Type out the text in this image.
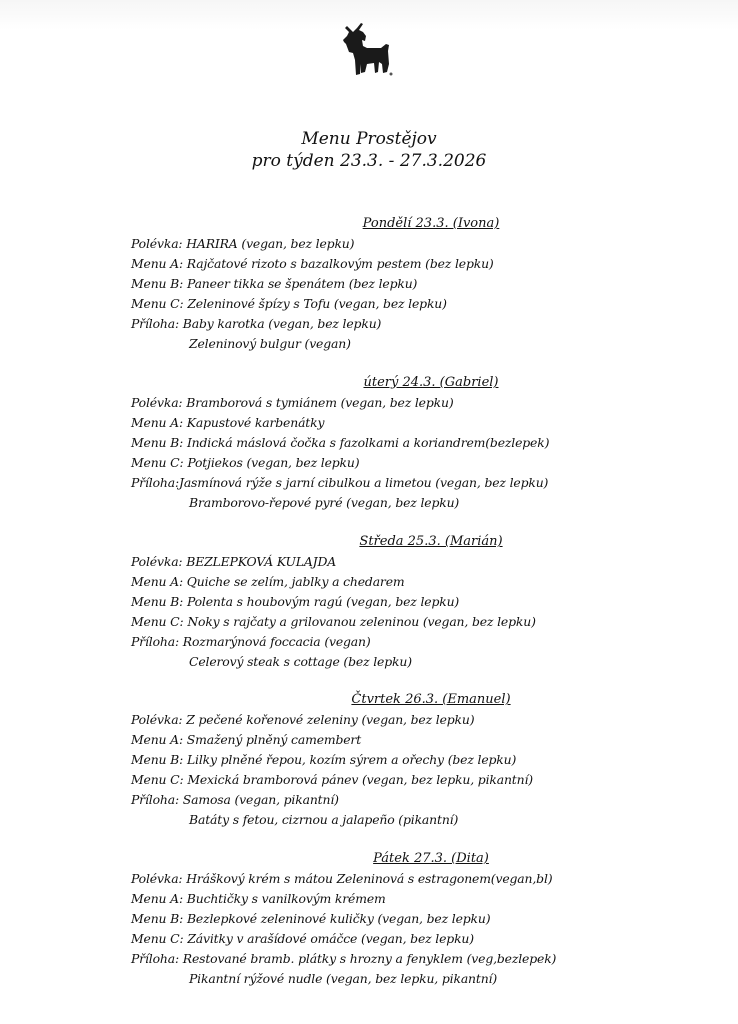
Menu Prostějov
pro týden 23.3. - 27.3.2026
Pondělí 23.3. (Ivona)
Polévka: HARIRA (vegan, bez lepku)
Menu A: Rajčatové rizoto s bazalkovým pestem (bez lepku)
Menu B: Paneer tikka se špenátem (bez lepku)
Menu C: Zeleninové špízy s Tofu (vegan, bez lepku)
Příloha: Baby karotka (vegan, bez lepku)
Zeleninový bulgur (vegan)
úterý 24.3. (Gabriel)
Polévka: Bramborová s tymiánem (vegan, bez lepku)
Menu A: Kapustové karbenátky
Menu B: Indická máslová čočka s fazolkami a koriandrem(bezlepek)
Menu C: Potjiekos (vegan, bez lepku)
Příloha:Jasmínová rýže s jarní cibulkou a limetou (vegan, bez lepku)
Bramborovo-řepové pyré (vegan, bez lepku)
Středa 25.3. (Marián)
Polévka: BEZLEPKOVÁ KULAJDA
Menu A: Quiche se zelím, jablky a chedarem
Menu B: Polenta s houbovým ragú (vegan, bez lepku)
Menu C: Noky s rajčaty a grilovanou zeleninou (vegan, bez lepku)
Příloha: Rozmarýnová foccacia (vegan)
Celerový steak s cottage (bez lepku)
Čtvrtek 26.3. (Emanuel)
Polévka: Z pečené kořenové zeleniny (vegan, bez lepku)
Menu A: Smažený plněný camembert
Menu B: Lilky plněné řepou, kozím sýrem a ořechy (bez lepku)
Menu C: Mexická bramborová pánev (vegan, bez lepku, pikantní)
Příloha: Samosa (vegan, pikantní)
Batáty s fetou, cizrnou a jalapeño (pikantní)
Pátek 27.3. (Dita)
Polévka: Hráškový krém s mátou Zeleninová s estragonem(vegan,bl)
Menu A: Buchtičky s vanilkovým krémem
Menu B: Bezlepkové zeleninové kuličky (vegan, bez lepku)
Menu C: Závitky v arašídové omáčce (vegan, bez lepku)
Příloha: Restované bramb. plátky s hrozny a fenyklem (veg,bezlepek)
Pikantní rýžové nudle (vegan, bez lepku, pikantní)
